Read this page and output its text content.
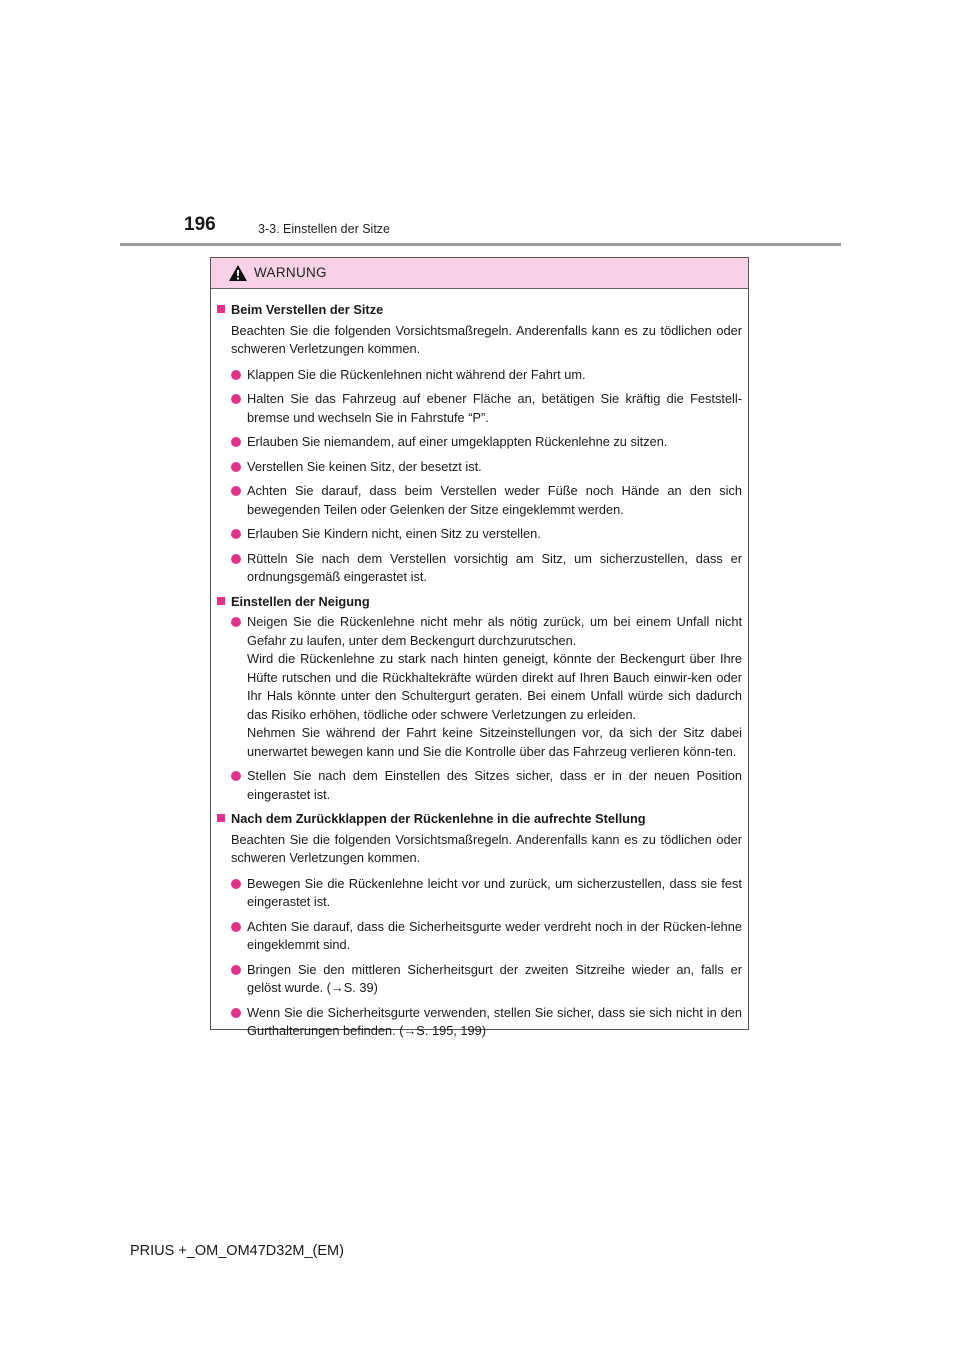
196	3-3. Einstellen der Sitze
WARNUNG
Beim Verstellen der Sitze
Beachten Sie die folgenden Vorsichtsmaßregeln. Anderenfalls kann es zu tödlichen oder schweren Verletzungen kommen.
Klappen Sie die Rückenlehnen nicht während der Fahrt um.
Halten Sie das Fahrzeug auf ebener Fläche an, betätigen Sie kräftig die Feststell-bremse und wechseln Sie in Fahrstufe “P”.
Erlauben Sie niemandem, auf einer umgeklappten Rückenlehne zu sitzen.
Verstellen Sie keinen Sitz, der besetzt ist.
Achten Sie darauf, dass beim Verstellen weder Füße noch Hände an den sich bewegenden Teilen oder Gelenken der Sitze eingeklemmt werden.
Erlauben Sie Kindern nicht, einen Sitz zu verstellen.
Rütteln Sie nach dem Verstellen vorsichtig am Sitz, um sicherzustellen, dass er ordnungsgemäß eingerastet ist.
Einstellen der Neigung
Neigen Sie die Rückenlehne nicht mehr als nötig zurück, um bei einem Unfall nicht Gefahr zu laufen, unter dem Beckengurt durchzurutschen.
Wird die Rückenlehne zu stark nach hinten geneigt, könnte der Beckengurt über Ihre Hüfte rutschen und die Rückhaltekräfte würden direkt auf Ihren Bauch einwir-ken oder Ihr Hals könnte unter den Schultergurt geraten. Bei einem Unfall würde sich dadurch das Risiko erhöhen, tödliche oder schwere Verletzungen zu erleiden.
Nehmen Sie während der Fahrt keine Sitzeinstellungen vor, da sich der Sitz dabei unerwartet bewegen kann und Sie die Kontrolle über das Fahrzeug verlieren könn-ten.
Stellen Sie nach dem Einstellen des Sitzes sicher, dass er in der neuen Position eingerastet ist.
Nach dem Zurückklappen der Rückenlehne in die aufrechte Stellung
Beachten Sie die folgenden Vorsichtsmaßregeln. Anderenfalls kann es zu tödlichen oder schweren Verletzungen kommen.
Bewegen Sie die Rückenlehne leicht vor und zurück, um sicherzustellen, dass sie fest eingerastet ist.
Achten Sie darauf, dass die Sicherheitsgurte weder verdreht noch in der Rücken-lehne eingeklemmt sind.
Bringen Sie den mittleren Sicherheitsgurt der zweiten Sitzreihe wieder an, falls er gelöst wurde. (→S. 39)
Wenn Sie die Sicherheitsgurte verwenden, stellen Sie sicher, dass sie sich nicht in den Gurthalterungen befinden. (→S. 195, 199)
PRIUS +_OM_OM47D32M_(EM)
